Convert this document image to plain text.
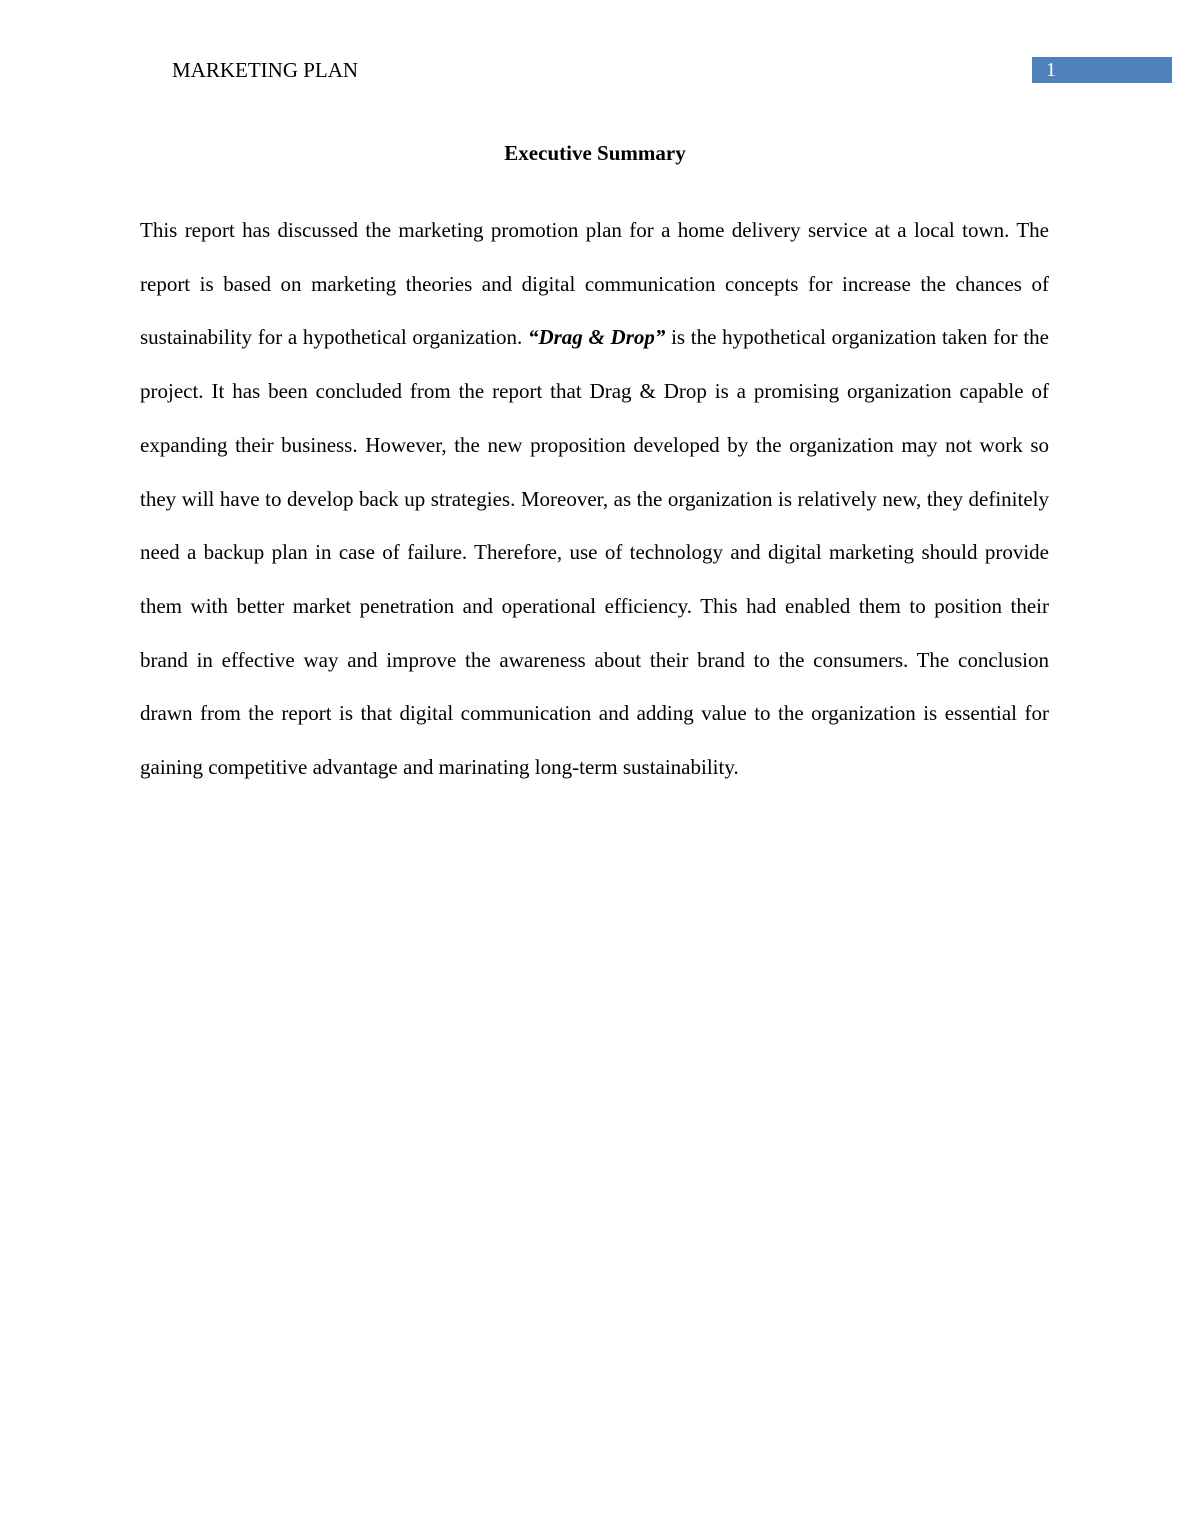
MARKETING PLAN	1
Executive Summary

This report has discussed the marketing promotion plan for a home delivery service at a local town. The report is based on marketing theories and digital communication concepts for increase the chances of sustainability for a hypothetical organization. “Drag & Drop” is the hypothetical organization taken for the project. It has been concluded from the report that Drag & Drop is a promising organization capable of expanding their business. However, the new proposition developed by the organization may not work so they will have to develop back up strategies. Moreover, as the organization is relatively new, they definitely need a backup plan in case of failure. Therefore, use of technology and digital marketing should provide them with better market penetration and operational efficiency. This had enabled them to position their brand in effective way and improve the awareness about their brand to the consumers. The conclusion drawn from the report is that digital communication and adding value to the organization is essential for gaining competitive advantage and marinating long-term sustainability.
